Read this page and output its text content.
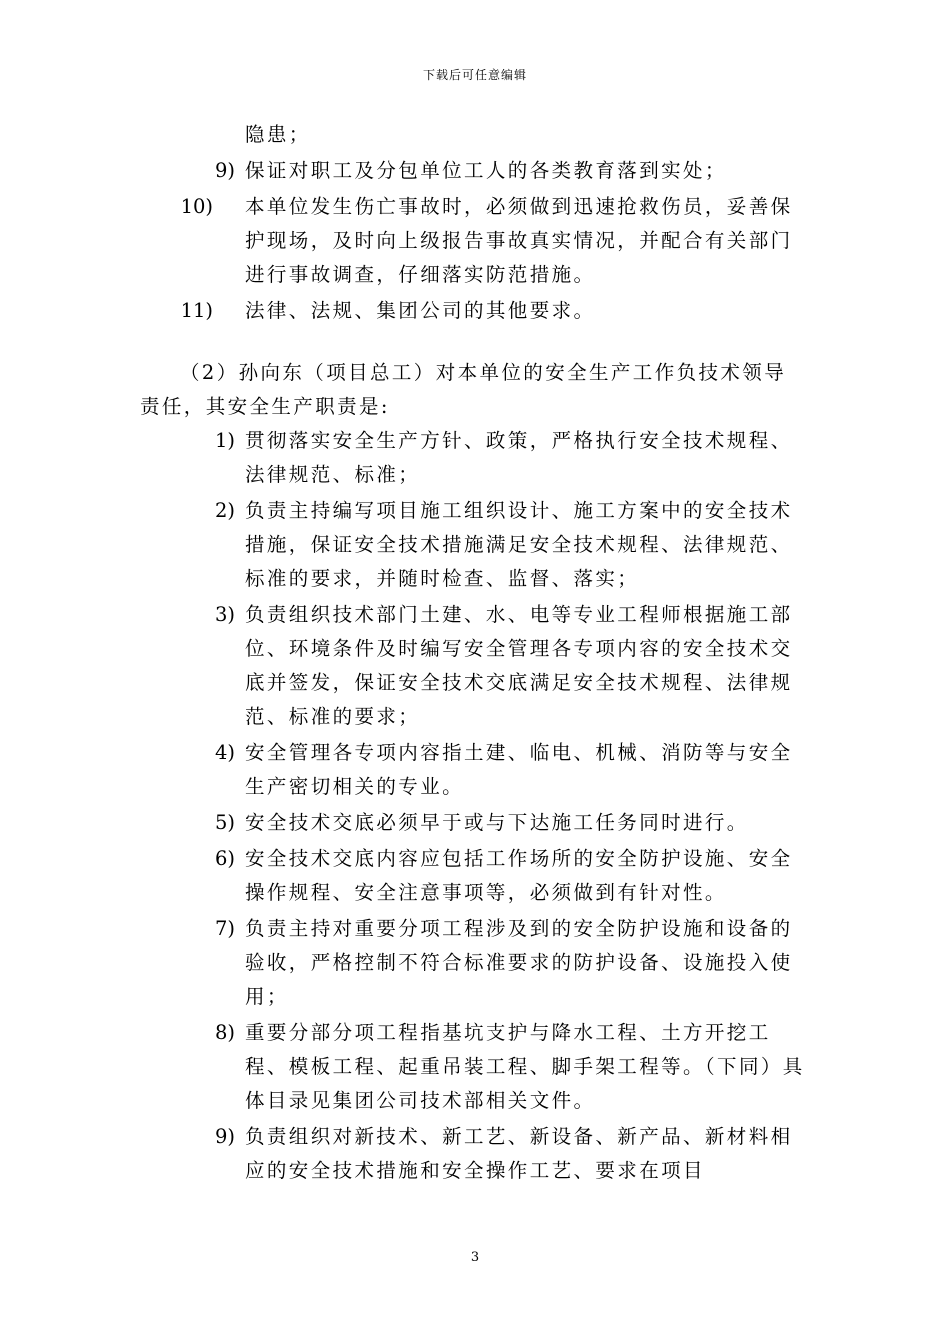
下载后可任意编辑
隐患；
9) 保证对职工及分包单位工人的各类教育落到实处；
10) 本单位发生伤亡事故时，必须做到迅速抢救伤员，妥善保护现场，及时向上级报告事故真实情况，并配合有关部门进行事故调查，仔细落实防范措施。
11) 法律、法规、集团公司的其他要求。
（2）孙向东（项目总工）对本单位的安全生产工作负技术领导责任，其安全生产职责是:
1) 贯彻落实安全生产方针、政策，严格执行安全技术规程、法律规范、标准；
2) 负责主持编写项目施工组织设计、施工方案中的安全技术措施，保证安全技术措施满足安全技术规程、法律规范、标准的要求，并随时检查、监督、落实；
3) 负责组织技术部门土建、水、电等专业工程师根据施工部位、环境条件及时编写安全管理各专项内容的安全技术交底并签发，保证安全技术交底满足安全技术规程、法律规范、标准的要求；
4) 安全管理各专项内容指土建、临电、机械、消防等与安全生产密切相关的专业。
5) 安全技术交底必须早于或与下达施工任务同时进行。
6) 安全技术交底内容应包括工作场所的安全防护设施、安全操作规程、安全注意事项等，必须做到有针对性。
7) 负责主持对重要分项工程涉及到的安全防护设施和设备的验收，严格控制不符合标准要求的防护设备、设施投入使用；
8) 重要分部分项工程指基坑支护与降水工程、土方开挖工程、模板工程、起重吊装工程、脚手架工程等。（下同）具体目录见集团公司技术部相关文件。
9) 负责组织对新技术、新工艺、新设备、新产品、新材料相应的安全技术措施和安全操作工艺、要求在项目
3
